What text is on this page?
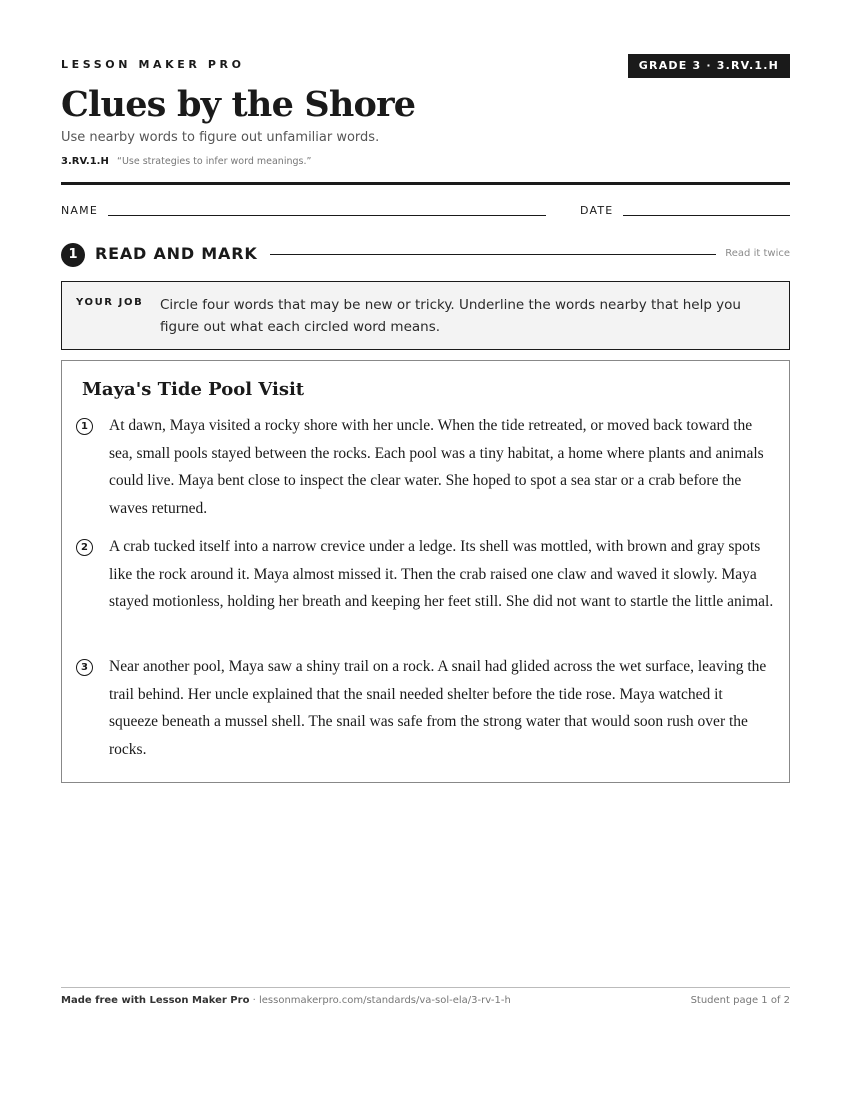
LESSON MAKER PRO	GRADE 3 · 3.RV.1.H
Clues by the Shore
Use nearby words to figure out unfamiliar words.
3.RV.1.H “Use strategies to infer word meanings.”
NAME	DATE
1	READ AND MARK	Read it twice
YOUR JOB Circle four words that may be new or tricky. Underline the words nearby that help you figure out what each circled word means.
Maya's Tide Pool Visit
1	At dawn, Maya visited a rocky shore with her uncle. When the tide retreated, or moved back toward the sea, small pools stayed between the rocks. Each pool was a tiny habitat, a home where plants and animals could live. Maya bent close to inspect the clear water. She hoped to spot a sea star or a crab before the waves returned.

2	A crab tucked itself into a narrow crevice under a ledge. Its shell was mottled, with brown and gray spots like the rock around it. Maya almost missed it. Then the crab raised one claw and waved it slowly. Maya stayed motionless, holding her breath and keeping her feet still. She did not want to startle the little animal.

3	Near another pool, Maya saw a shiny trail on a rock. A snail had glided across the wet surface, leaving the trail behind. Her uncle explained that the snail needed shelter before the tide rose. Maya watched it squeeze beneath a mussel shell. The snail was safe from the strong water that would soon rush over the rocks.

Made free with Lesson Maker Pro · lessonmakerpro.com/standards/va-sol-ela/3-rv-1-h	Student page 1 of 2
